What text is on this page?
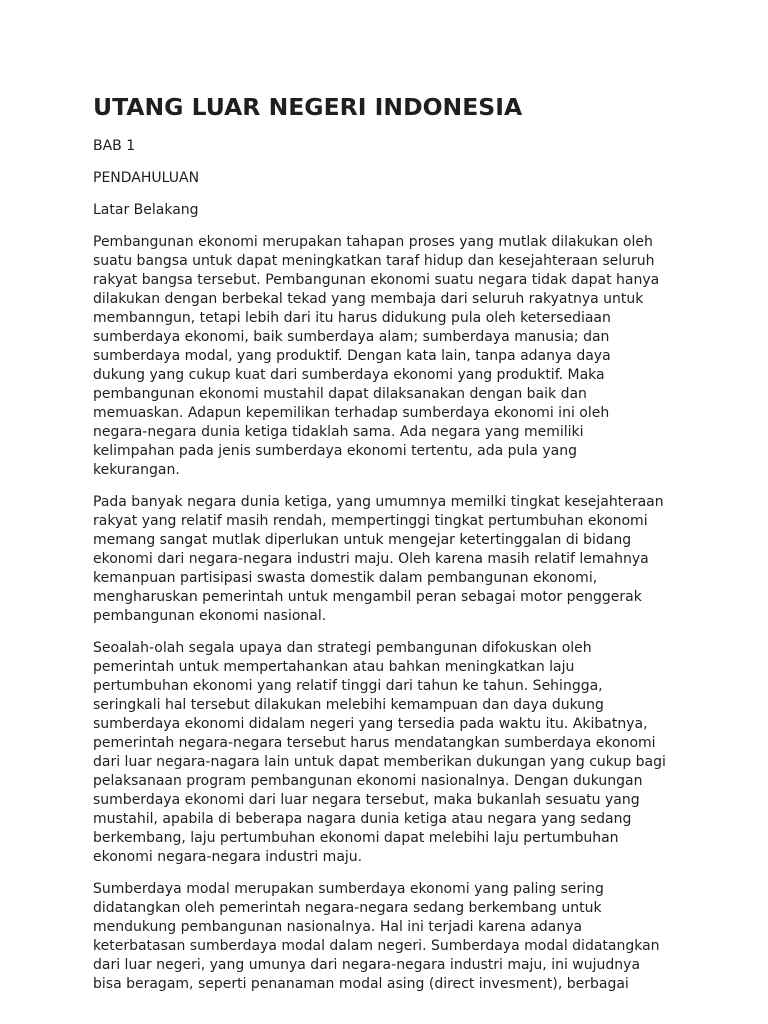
UTANG LUAR NEGERI INDONESIA

BAB 1

PENDAHULUAN

Latar Belakang

Pembangunan ekonomi merupakan tahapan proses yang mutlak dilakukan oleh
suatu bangsa untuk dapat meningkatkan taraf hidup dan kesejahteraan seluruh
rakyat bangsa tersebut. Pembangunan ekonomi suatu negara tidak dapat hanya
dilakukan dengan berbekal tekad yang membaja dari seluruh rakyatnya untuk
membanngun, tetapi lebih dari itu harus didukung pula oleh ketersediaan
sumberdaya ekonomi, baik sumberdaya alam; sumberdaya manusia; dan
sumberdaya modal, yang produktif. Dengan kata lain, tanpa adanya daya
dukung yang cukup kuat dari sumberdaya ekonomi yang produktif. Maka
pembangunan ekonomi mustahil dapat dilaksanakan dengan baik dan
memuaskan. Adapun kepemilikan terhadap sumberdaya ekonomi ini oleh
negara-negara dunia ketiga tidaklah sama. Ada negara yang memiliki
kelimpahan pada jenis sumberdaya ekonomi tertentu, ada pula yang
kekurangan.

Pada banyak negara dunia ketiga, yang umumnya memilki tingkat kesejahteraan
rakyat yang relatif masih rendah, mempertinggi tingkat pertumbuhan ekonomi
memang sangat mutlak diperlukan untuk mengejar ketertinggalan di bidang
ekonomi dari negara-negara industri maju. Oleh karena masih relatif lemahnya
kemanpuan partisipasi swasta domestik dalam pembangunan ekonomi,
mengharuskan pemerintah untuk mengambil peran sebagai motor penggerak
pembangunan ekonomi nasional.

Seoalah-olah segala upaya dan strategi pembangunan difokuskan oleh
pemerintah untuk mempertahankan atau bahkan meningkatkan laju
pertumbuhan ekonomi yang relatif tinggi dari tahun ke tahun. Sehingga,
seringkali hal tersebut dilakukan melebihi kemampuan dan daya dukung
sumberdaya ekonomi didalam negeri yang tersedia pada waktu itu. Akibatnya,
pemerintah negara-negara tersebut harus mendatangkan sumberdaya ekonomi
dari luar negara-nagara lain untuk dapat memberikan dukungan yang cukup bagi
pelaksanaan program pembangunan ekonomi nasionalnya. Dengan dukungan
sumberdaya ekonomi dari luar negara tersebut, maka bukanlah sesuatu yang
mustahil, apabila di beberapa nagara dunia ketiga atau negara yang sedang
berkembang, laju pertumbuhan ekonomi dapat melebihi laju pertumbuhan
ekonomi negara-negara industri maju.

Sumberdaya modal merupakan sumberdaya ekonomi yang paling sering
didatangkan oleh pemerintah negara-negara sedang berkembang untuk
mendukung pembangunan nasionalnya. Hal ini terjadi karena adanya
keterbatasan sumberdaya modal dalam negeri. Sumberdaya modal didatangkan
dari luar negeri, yang umunya dari negara-negara industri maju, ini wujudnya
bisa beragam, seperti penanaman modal asing (direct invesment), berbagai
